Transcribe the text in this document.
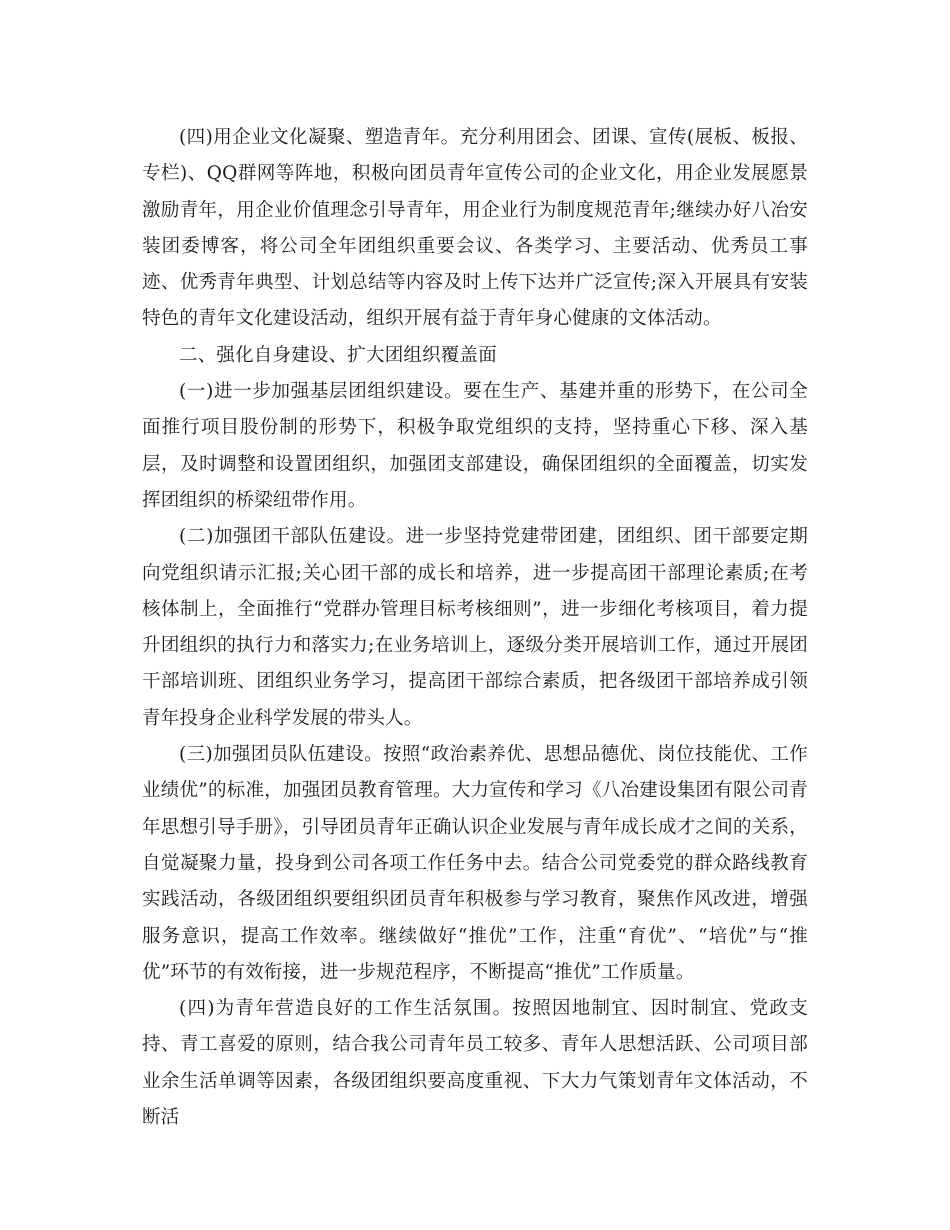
(四)用企业文化凝聚、塑造青年。充分利用团会、团课、宣传(展板、板报、专栏)、QQ群网等阵地，积极向团员青年宣传公司的企业文化，用企业发展愿景激励青年，用企业价值理念引导青年，用企业行为制度规范青年;继续办好八冶安装团委博客，将公司全年团组织重要会议、各类学习、主要活动、优秀员工事迹、优秀青年典型、计划总结等内容及时上传下达并广泛宣传;深入开展具有安装特色的青年文化建设活动，组织开展有益于青年身心健康的文体活动。

二、强化自身建设、扩大团组织覆盖面

(一)进一步加强基层团组织建设。要在生产、基建并重的形势下，在公司全面推行项目股份制的形势下，积极争取党组织的支持，坚持重心下移、深入基层，及时调整和设置团组织，加强团支部建设，确保团组织的全面覆盖，切实发挥团组织的桥梁纽带作用。

(二)加强团干部队伍建设。进一步坚持党建带团建，团组织、团干部要定期向党组织请示汇报;关心团干部的成长和培养，进一步提高团干部理论素质;在考核体制上，全面推行“党群办管理目标考核细则”，进一步细化考核项目，着力提升团组织的执行力和落实力;在业务培训上，逐级分类开展培训工作，通过开展团干部培训班、团组织业务学习，提高团干部综合素质，把各级团干部培养成引领青年投身企业科学发展的带头人。

(三)加强团员队伍建设。按照“政治素养优、思想品德优、岗位技能优、工作业绩优”的标准，加强团员教育管理。大力宣传和学习《八冶建设集团有限公司青年思想引导手册》，引导团员青年正确认识企业发展与青年成长成才之间的关系，自觉凝聚力量，投身到公司各项工作任务中去。结合公司党委党的群众路线教育实践活动，各级团组织要组织团员青年积极参与学习教育，聚焦作风改进，增强服务意识，提高工作效率。继续做好“推优”工作，注重“育优”、“培优”与“推优”环节的有效衔接，进一步规范程序，不断提高“推优”工作质量。

(四)为青年营造良好的工作生活氛围。按照因地制宜、因时制宜、党政支持、青工喜爱的原则，结合我公司青年员工较多、青年人思想活跃、公司项目部业余生活单调等因素，各级团组织要高度重视、下大力气策划青年文体活动，不断活
